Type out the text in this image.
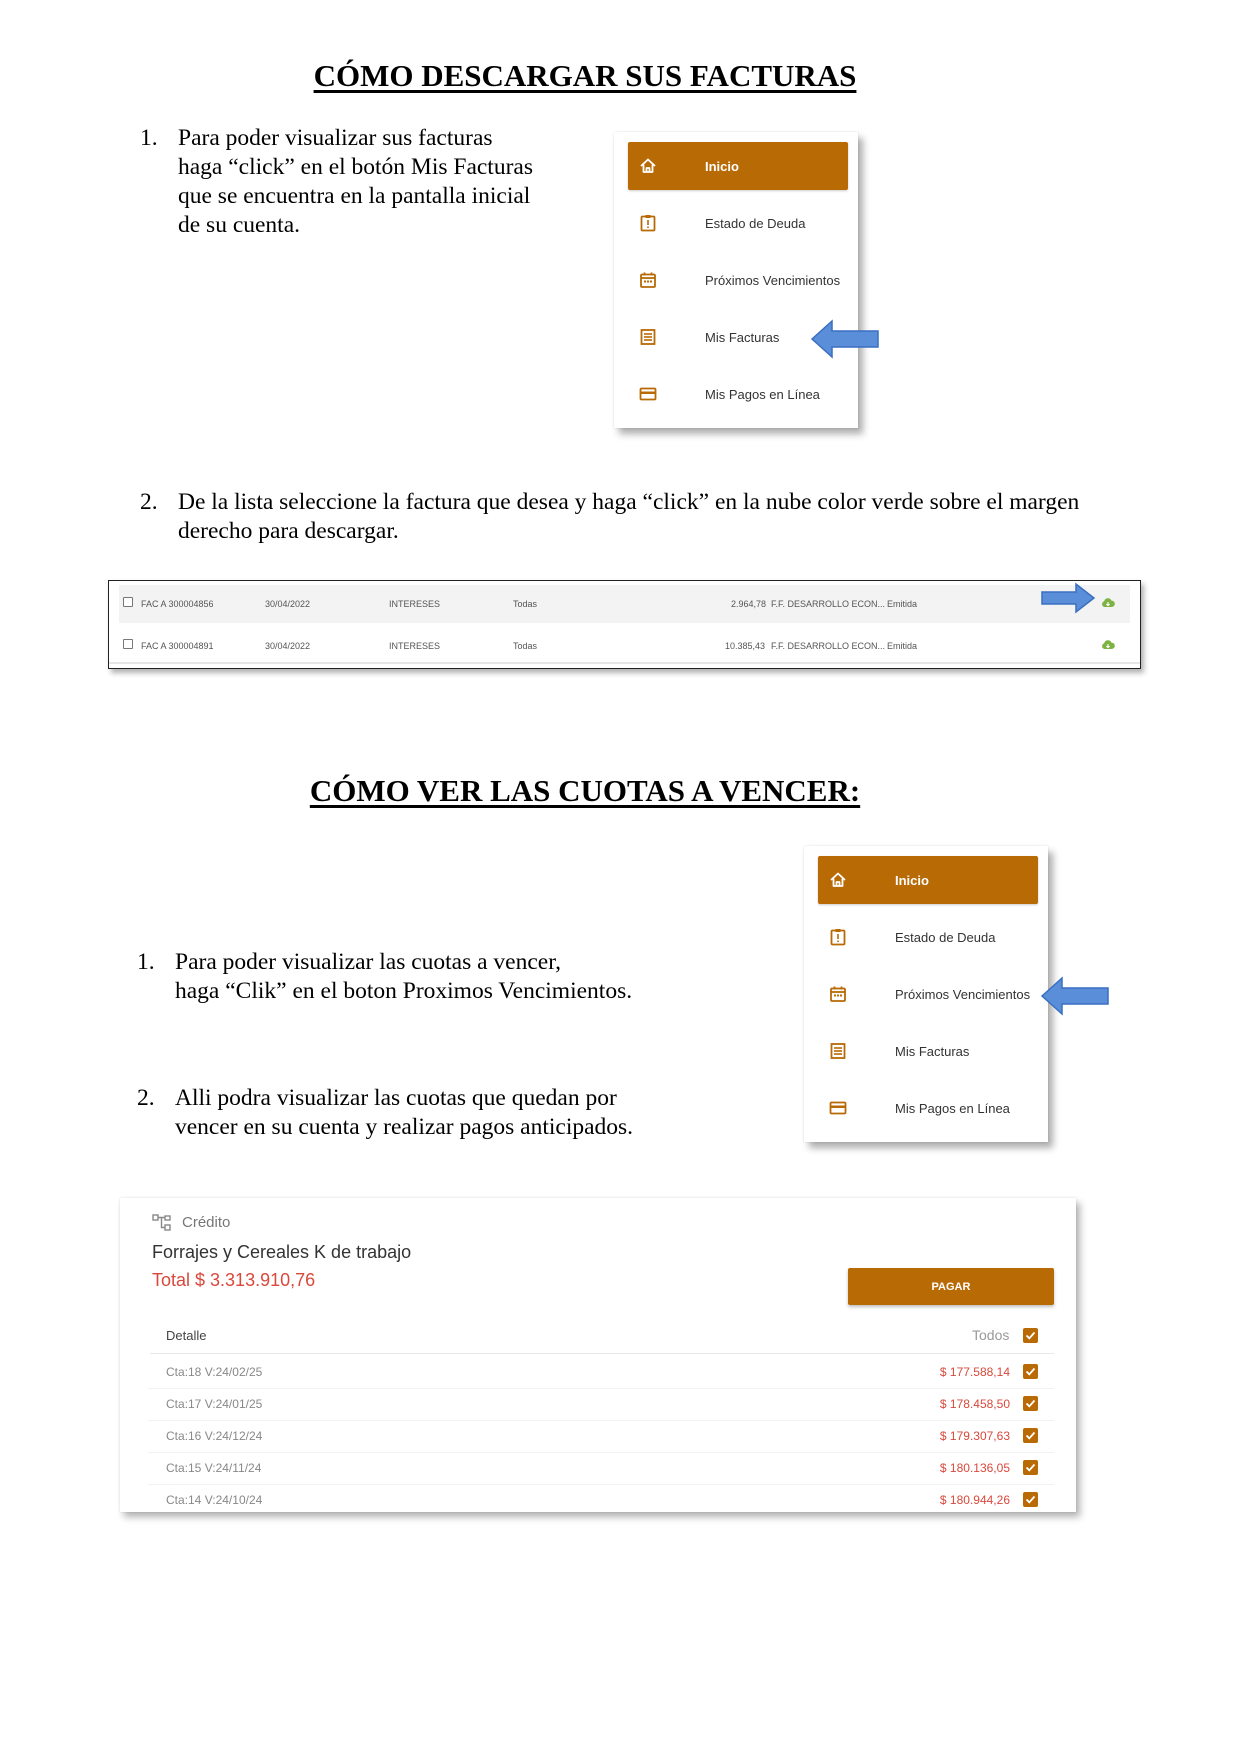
CÓMO DESCARGAR SUS FACTURAS
1. Para poder visualizar sus facturas
haga “click” en el botón Mis Facturas
que se encuentra en la pantalla inicial
de su cuenta.
Inicio
Estado de Deuda
Próximos Vencimientos
Mis Facturas
Mis Pagos en Línea
2. De la lista seleccione la factura que desea y haga “click” en la nube color verde sobre el margen
derecho para descargar.
FAC A 300004856	30/04/2022	INTERESES	Todas	2.964,78 F.F. DESARROLLO ECON... Emitida
FAC A 300004891	30/04/2022	INTERESES	Todas	10.385,43 F.F. DESARROLLO ECON... Emitida
CÓMO VER LAS CUOTAS A VENCER:
Inicio
Estado de Deuda
Próximos Vencimientos
Mis Facturas
Mis Pagos en Línea
1. Para poder visualizar las cuotas a vencer,
haga “Clik” en el boton Proximos Vencimientos.
2. Alli podra visualizar las cuotas que quedan por
vencer en su cuenta y realizar pagos anticipados.
Crédito
Forrajes y Cereales K de trabajo
Total $ 3.313.910,76	PAGAR
Detalle	Todos
Cta:18 V:24/02/25	$ 177.588,14
Cta:17 V:24/01/25	$ 178.458,50
Cta:16 V:24/12/24	$ 179.307,63
Cta:15 V:24/11/24	$ 180.136,05
Cta:14 V:24/10/24	$ 180.944,26
